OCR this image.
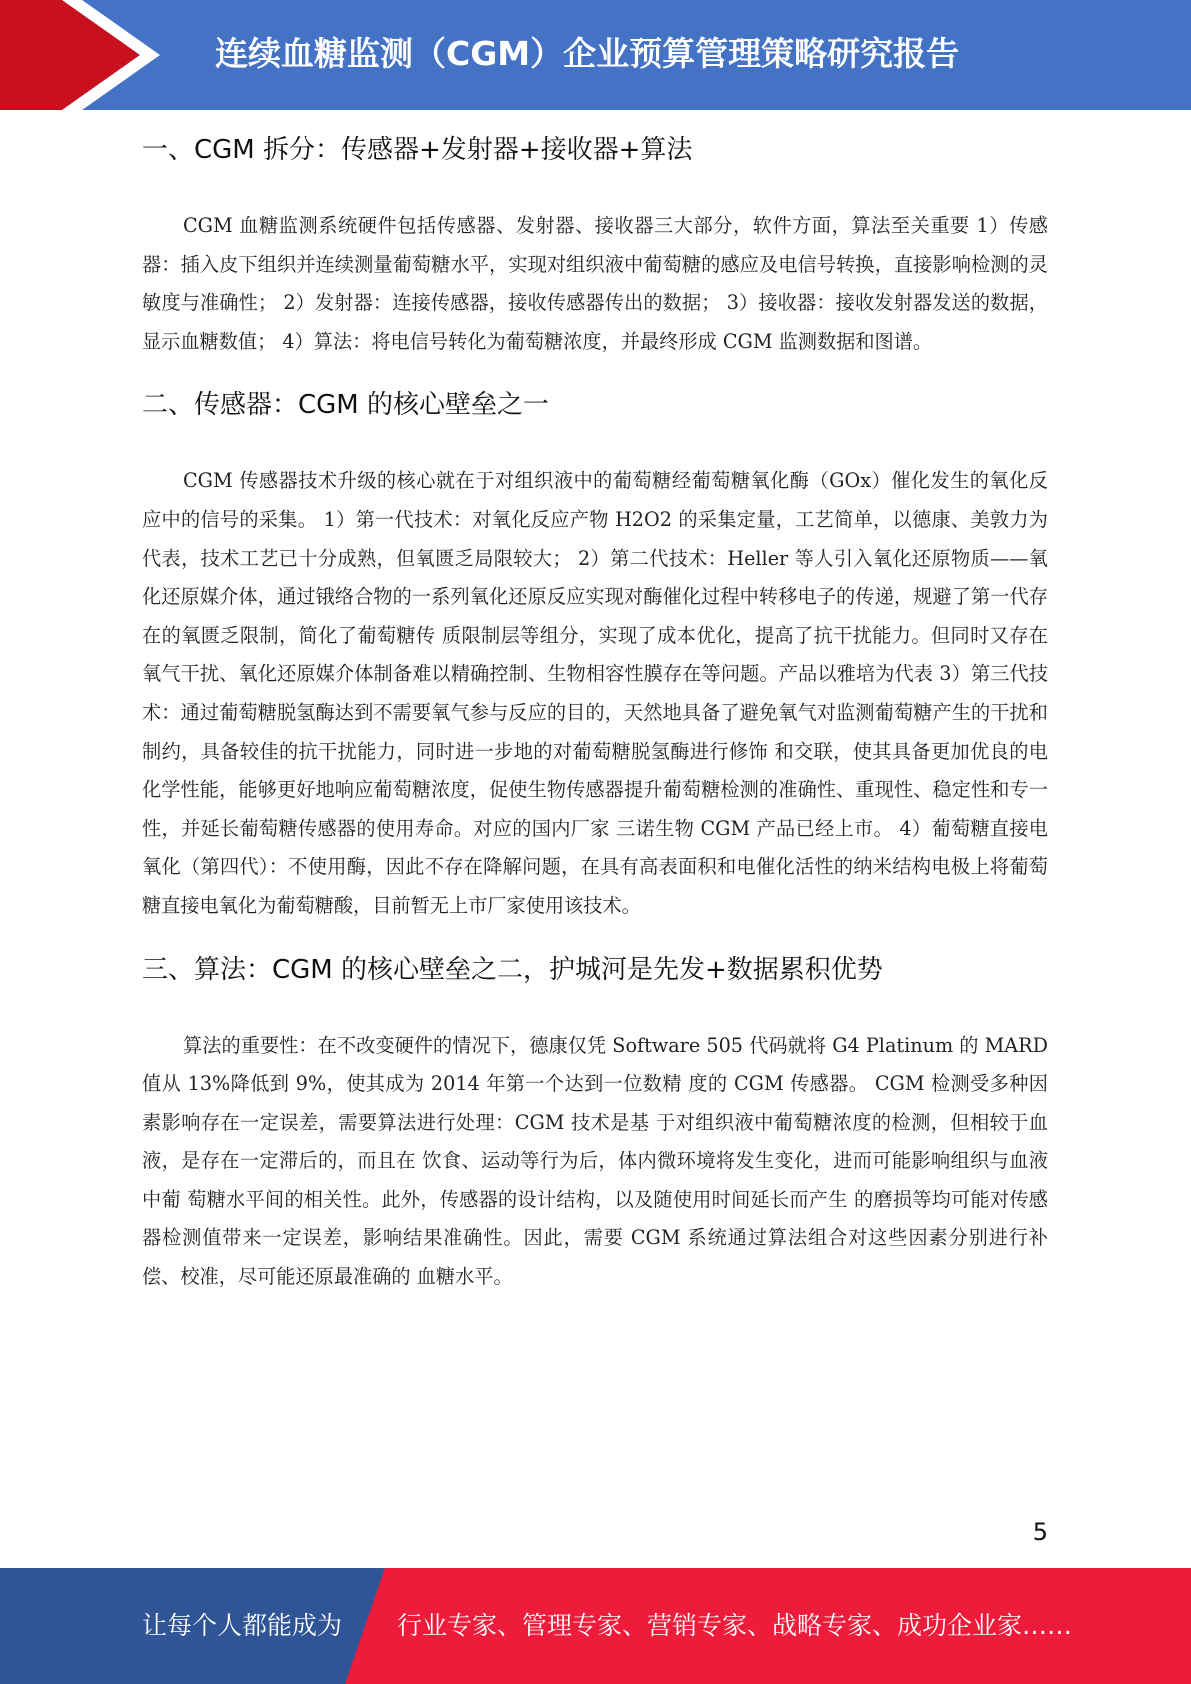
连续血糖监测（CGM）企业预算管理策略研究报告
一、CGM 拆分：传感器+发射器+接收器+算法

CGM 血糖监测系统硬件包括传感器、发射器、接收器三大部分，软件方面，算法至关重要 1）传感器：插入皮下组织并连续测量葡萄糖水平，实现对组织液中葡萄糖的感应及电信号转换，直接影响检测的灵敏度与准确性； 2）发射器：连接传感器，接收传感器传出的数据； 3）接收器：接收发射器发送的数据，显示血糖数值； 4）算法：将电信号转化为葡萄糖浓度，并最终形成 CGM 监测数据和图谱。

二、传感器：CGM 的核心壁垒之一

CGM 传感器技术升级的核心就在于对组织液中的葡萄糖经葡萄糖氧化酶（GOx）催化发生的氧化反应中的信号的采集。 1）第一代技术：对氧化反应产物 H2O2 的采集定量，工艺简单，以德康、美敦力为代表，技术工艺已十分成熟，但氧匮乏局限较大； 2）第二代技术：Heller 等人引入氧化还原物质——氧化还原媒介体，通过锇络合物的一系列氧化还原反应实现对酶催化过程中转移电子的传递，规避了第一代存在的氧匮乏限制，简化了葡萄糖传 质限制层等组分，实现了成本优化，提高了抗干扰能力。但同时又存在氧气干扰、氧化还原媒介体制备难以精确控制、生物相容性膜存在等问题。产品以雅培为代表 3）第三代技术：通过葡萄糖脱氢酶达到不需要氧气参与反应的目的，天然地具备了避免氧气对监测葡萄糖产生的干扰和制约，具备较佳的抗干扰能力，同时进一步地的对葡萄糖脱氢酶进行修饰 和交联，使其具备更加优良的电化学性能，能够更好地响应葡萄糖浓度，促使生物传感器提升葡萄糖检测的准确性、重现性、稳定性和专一性，并延长葡萄糖传感器的使用寿命。对应的国内厂家 三诺生物 CGM 产品已经上市。 4）葡萄糖直接电氧化（第四代）：不使用酶，因此不存在降解问题，在具有高表面积和电催化活性的纳米结构电极上将葡萄糖直接电氧化为葡萄糖酸，目前暂无上市厂家使用该技术。

三、算法：CGM 的核心壁垒之二，护城河是先发+数据累积优势

算法的重要性：在不改变硬件的情况下，德康仅凭 Software 505 代码就将 G4 Platinum 的 MARD 值从 13%降低到 9%，使其成为 2014 年第一个达到一位数精 度的 CGM 传感器。 CGM 检测受多种因素影响存在一定误差，需要算法进行处理：CGM 技术是基 于对组织液中葡萄糖浓度的检测，但相较于血液，是存在一定滞后的，而且在 饮食、运动等行为后，体内微环境将发生变化，进而可能影响组织与血液中葡 萄糖水平间的相关性。此外，传感器的设计结构，以及随使用时间延长而产生 的磨损等均可能对传感器检测值带来一定误差，影响结果准确性。因此，需要 CGM 系统通过算法组合对这些因素分别进行补偿、校准，尽可能还原最准确的 血糖水平。

5
让每个人都能成为 行业专家、管理专家、营销专家、战略专家、成功企业家……
